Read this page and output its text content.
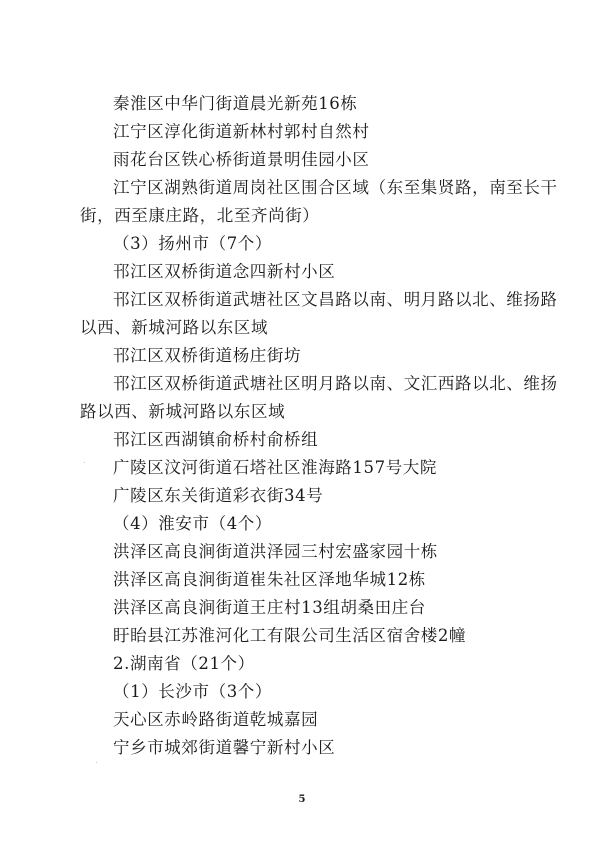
秦淮区中华门街道晨光新苑16栋
江宁区淳化街道新林村郭村自然村
雨花台区铁心桥街道景明佳园小区
江宁区湖熟街道周岗社区围合区域（东至集贤路，南至长干
街，西至康庄路，北至齐尚街）
（3）扬州市（7个）
邗江区双桥街道念四新村小区
邗江区双桥街道武塘社区文昌路以南、明月路以北、维扬路
以西、新城河路以东区域
邗江区双桥街道杨庄街坊
邗江区双桥街道武塘社区明月路以南、文汇西路以北、维扬
路以西、新城河路以东区域
邗江区西湖镇俞桥村俞桥组
广陵区汶河街道石塔社区淮海路157号大院
广陵区东关街道彩衣街34号
（4）淮安市（4个）
洪泽区高良涧街道洪泽园三村宏盛家园十栋
洪泽区高良涧街道崔朱社区泽地华城12栋
洪泽区高良涧街道王庄村13组胡桑田庄台
盱眙县江苏淮河化工有限公司生活区宿舍楼2幢
2.湖南省（21个）
（1）长沙市（3个）
天心区赤岭路街道乾城嘉园
宁乡市城郊街道馨宁新村小区
5
